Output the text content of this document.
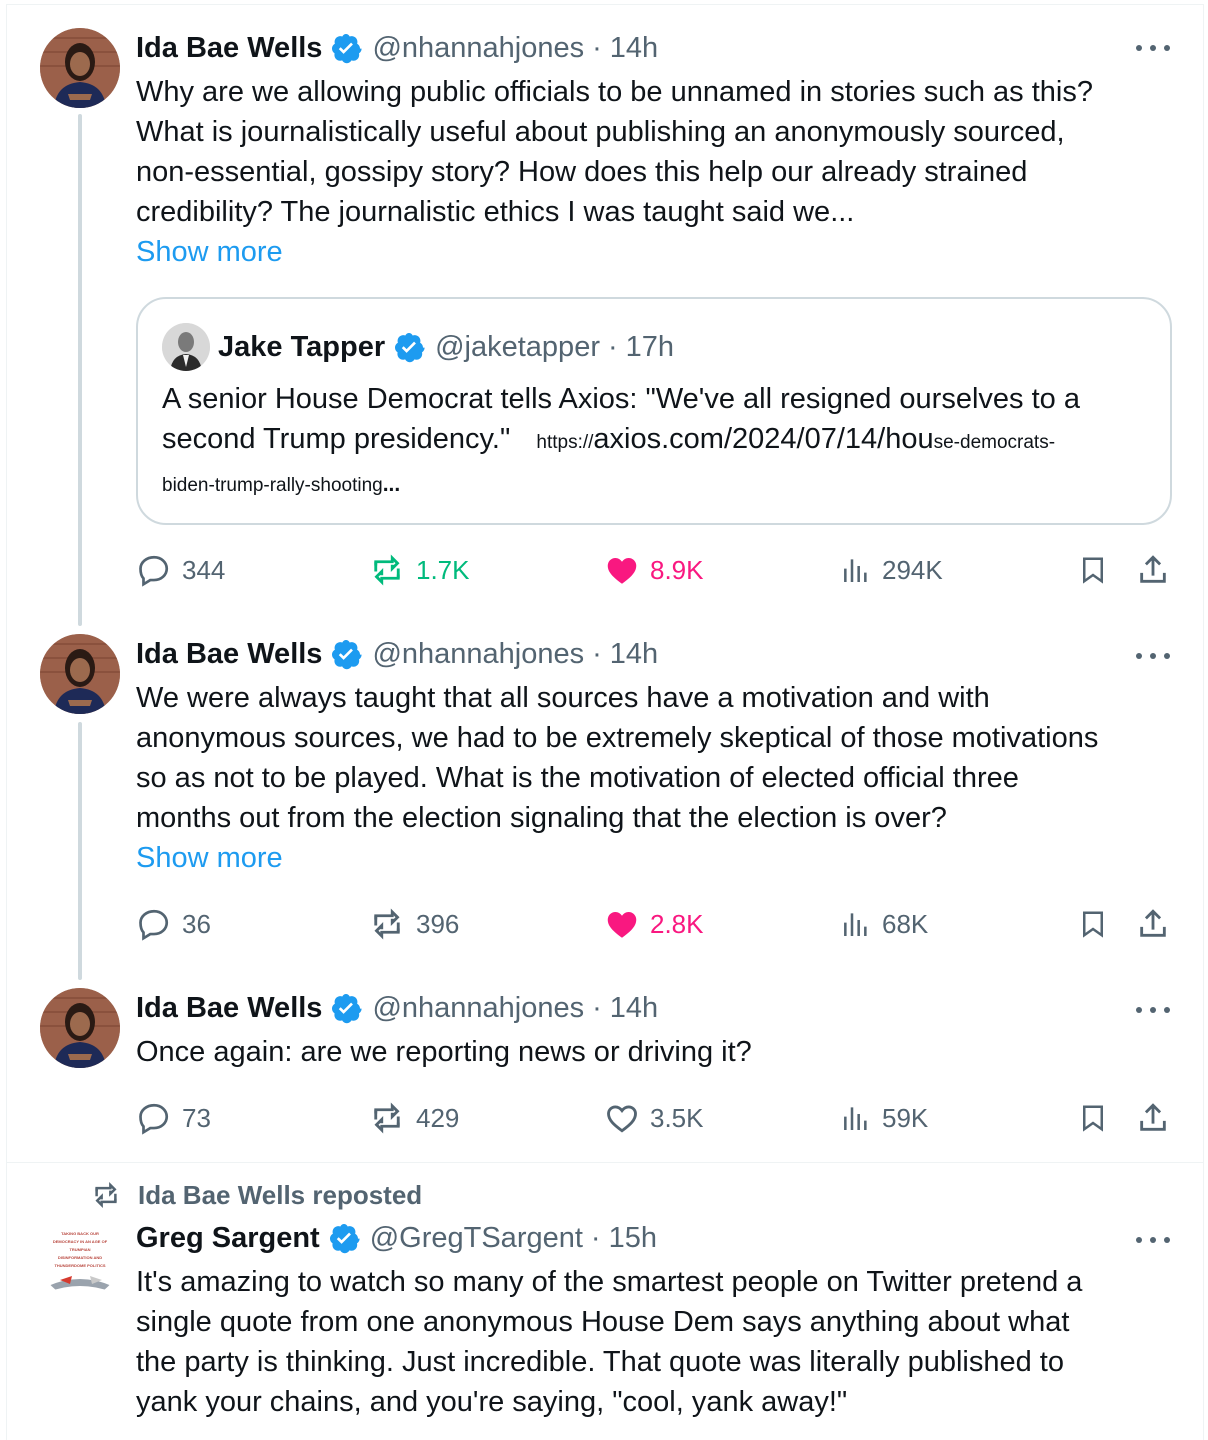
Ida Bae Wells @nhannahjones · 14h
Why are we allowing public officials to be unnamed in stories such as this?
What is journalistically useful about publishing an anonymously sourced,
non-essential, gossipy story? How does this help our already strained
credibility? The journalistic ethics I was taught said we...
Show more
Jake Tapper @jaketapper · 17h
A senior House Democrat tells Axios: "We've all resigned ourselves to a
second Trump presidency." https://axios.com/2024/07/14/house-democrats-
biden-trump-rally-shooting...
344	1.7K	8.9K	294K
Ida Bae Wells @nhannahjones · 14h
We were always taught that all sources have a motivation and with
anonymous sources, we had to be extremely skeptical of those motivations
so as not to be played. What is the motivation of elected official three
months out from the election signaling that the election is over?
Show more
36	396	2.8K	68K
Ida Bae Wells @nhannahjones · 14h
Once again: are we reporting news or driving it?
73	429	3.5K	59K
Ida Bae Wells reposted
TAKING BACK OUR DEMOCRACY IN AN AGE OF TRUMPIAN DISINFORMATION AND THUNDERDOME POLITICS
Greg Sargent @GregTSargent · 15h
It's amazing to watch so many of the smartest people on Twitter pretend a
single quote from one anonymous House Dem says anything about what
the party is thinking. Just incredible. That quote was literally published to
yank your chains, and you're saying, "cool, yank away!"
